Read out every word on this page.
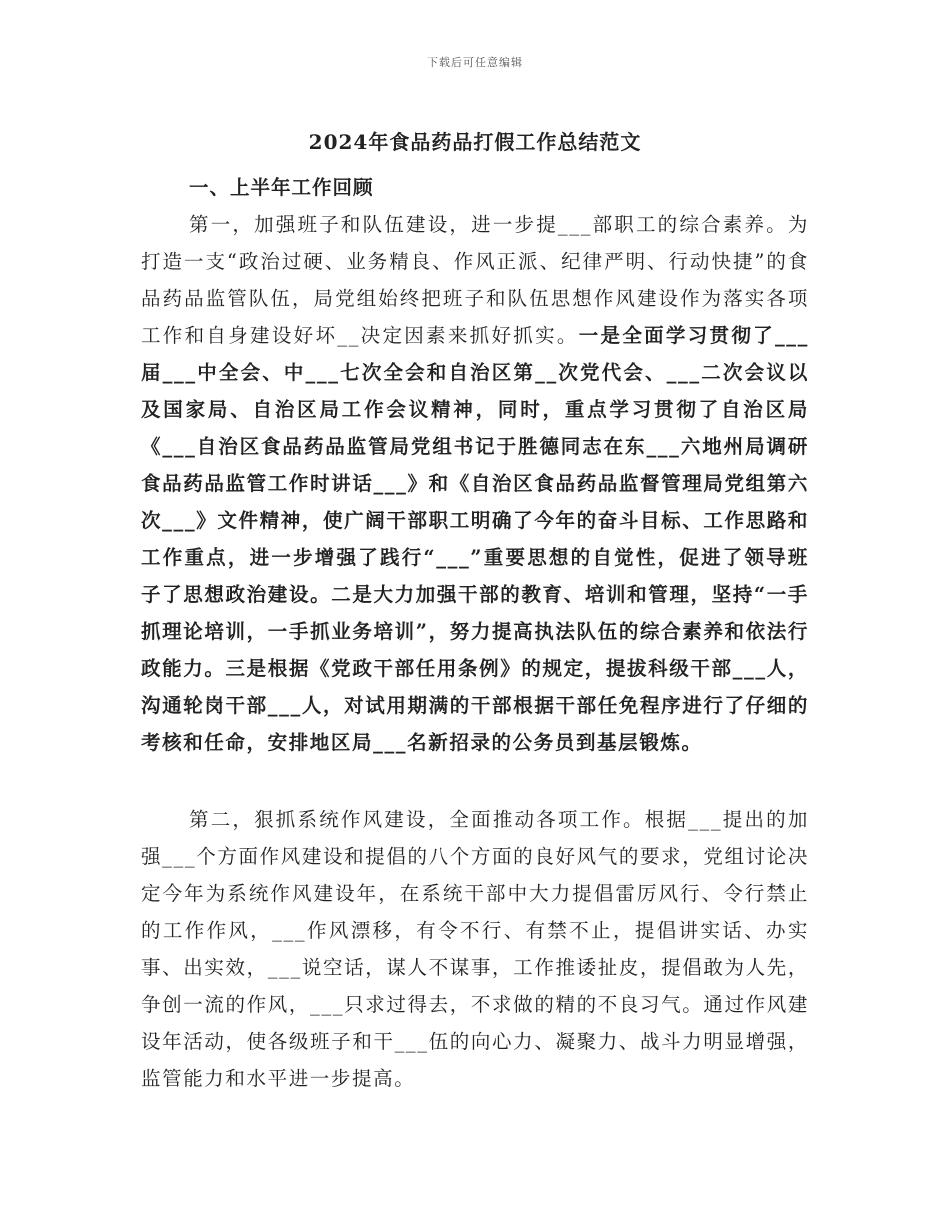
下载后可任意编辑
2024年食品药品打假工作总结范文
一、上半年工作回顾

第一，加强班子和队伍建设，进一步提___部职工的综合素养。为打造一支“政治过硬、业务精良、作风正派、纪律严明、行动快捷”的食品药品监管队伍，局党组始终把班子和队伍思想作风建设作为落实各项工作和自身建设好坏__决定因素来抓好抓实。一是全面学习贯彻了___届___中全会、中___七次全会和自治区第__次党代会、___二次会议以及国家局、自治区局工作会议精神，同时，重点学习贯彻了自治区局《___自治区食品药品监管局党组书记于胜德同志在东___六地州局调研食品药品监管工作时讲话___》和《自治区食品药品监督管理局党组第六次___》文件精神，使广阔干部职工明确了今年的奋斗目标、工作思路和工作重点，进一步增强了践行“___”重要思想的自觉性，促进了领导班子了思想政治建设。二是大力加强干部的教育、培训和管理，坚持“一手抓理论培训，一手抓业务培训”，努力提高执法队伍的综合素养和依法行政能力。三是根据《党政干部任用条例》的规定，提拔科级干部___人，沟通轮岗干部___人，对试用期满的干部根据干部任免程序进行了仔细的考核和任命，安排地区局___名新招录的公务员到基层锻炼。

第二，狠抓系统作风建设，全面推动各项工作。根据___提出的加强___个方面作风建设和提倡的八个方面的良好风气的要求，党组讨论决定今年为系统作风建设年，在系统干部中大力提倡雷厉风行、令行禁止的工作作风，___作风漂移，有令不行、有禁不止，提倡讲实话、办实事、出实效，___说空话，谋人不谋事，工作推诿扯皮，提倡敢为人先，争创一流的作风，___只求过得去，不求做的精的不良习气。通过作风建设年活动，使各级班子和干___伍的向心力、凝聚力、战斗力明显增强，监管能力和水平进一步提高。
